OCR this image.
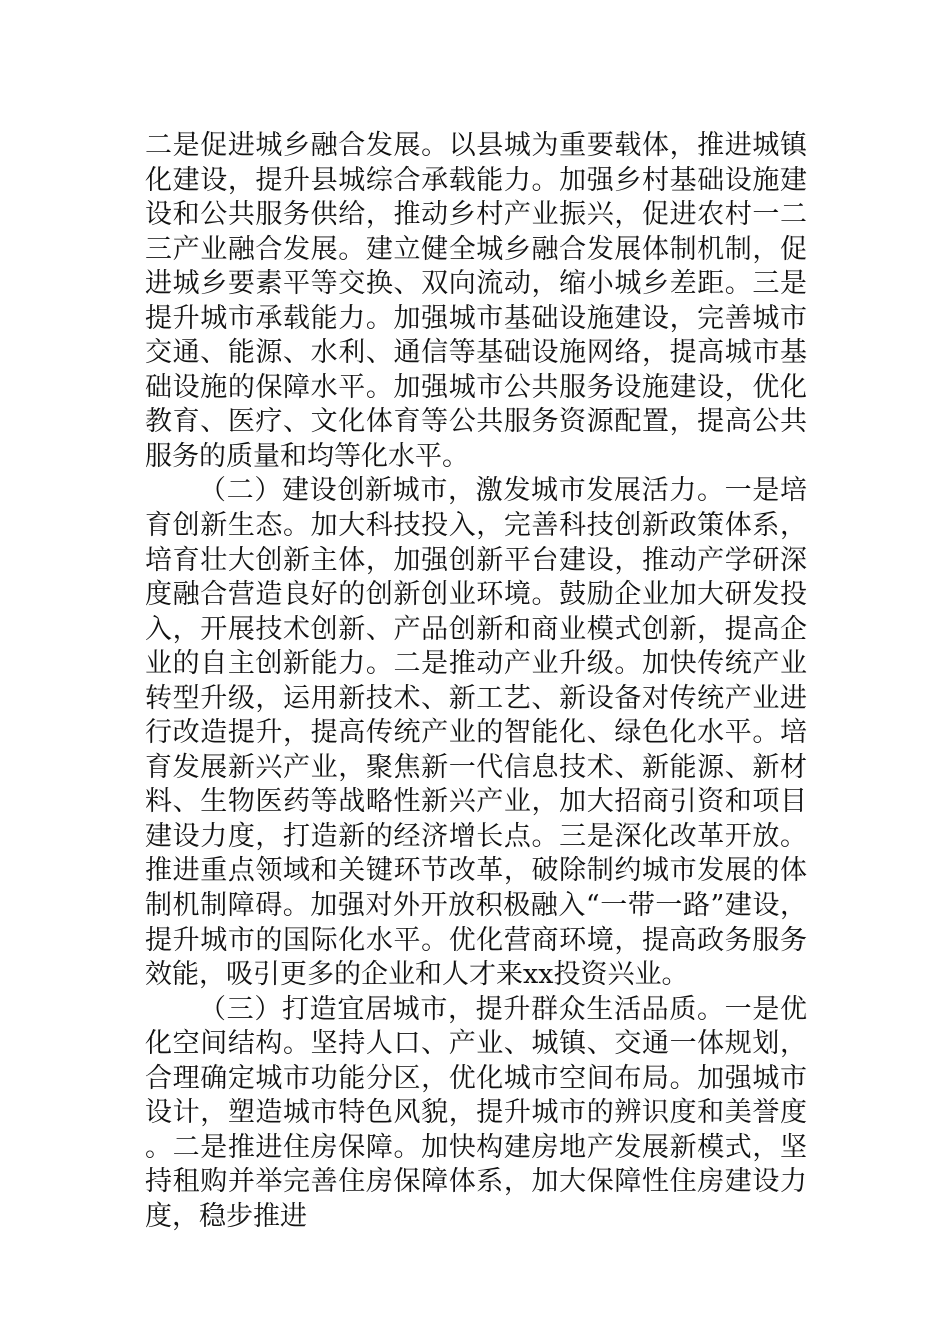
二是促进城乡融合发展。以县城为重要载体，推进城镇化建设，提升县城综合承载能力。加强乡村基础设施建设和公共服务供给，推动乡村产业振兴，促进农村一二三产业融合发展。建立健全城乡融合发展体制机制，促进城乡要素平等交换、双向流动，缩小城乡差距。三是提升城市承载能力。加强城市基础设施建设，完善城市交通、能源、水利、通信等基础设施网络，提高城市基础设施的保障水平。加强城市公共服务设施建设，优化教育、医疗、文化体育等公共服务资源配置，提高公共服务的质量和均等化水平。

（二）建设创新城市，激发城市发展活力。一是培育创新生态。加大科技投入，完善科技创新政策体系，培育壮大创新主体，加强创新平台建设，推动产学研深度融合营造良好的创新创业环境。鼓励企业加大研发投入，开展技术创新、产品创新和商业模式创新，提高企业的自主创新能力。二是推动产业升级。加快传统产业转型升级，运用新技术、新工艺、新设备对传统产业进行改造提升，提高传统产业的智能化、绿色化水平。培育发展新兴产业，聚焦新一代信息技术、新能源、新材料、生物医药等战略性新兴产业，加大招商引资和项目建设力度，打造新的经济增长点。三是深化改革开放。推进重点领域和关键环节改革，破除制约城市发展的体制机制障碍。加强对外开放积极融入“一带一路”建设，提升城市的国际化水平。优化营商环境，提高政务服务效能，吸引更多的企业和人才来xx投资兴业。

（三）打造宜居城市，提升群众生活品质。一是优化空间结构。坚持人口、产业、城镇、交通一体规划，合理确定城市功能分区，优化城市空间布局。加强城市设计，塑造城市特色风貌，提升城市的辨识度和美誉度。二是推进住房保障。加快构建房地产发展新模式，坚持租购并举完善住房保障体系，加大保障性住房建设力度，稳步推进
